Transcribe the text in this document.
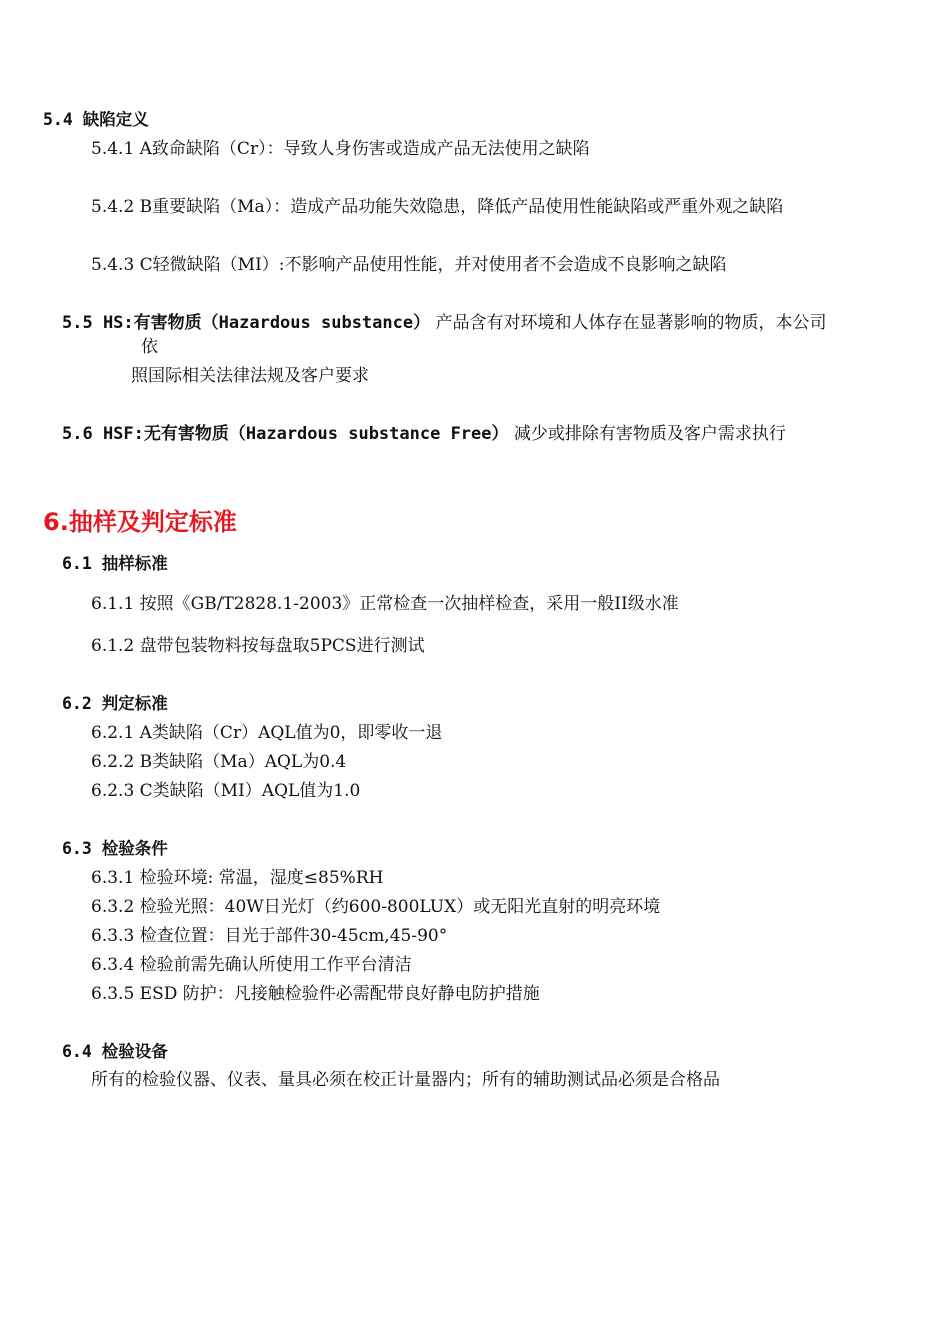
5.4 缺陷定义
5.4.1 A致命缺陷（Cr）：导致人身伤害或造成产品无法使用之缺陷
5.4.2 B重要缺陷（Ma）：造成产品功能失效隐患，降低产品使用性能缺陷或严重外观之缺陷
5.4.3 C轻微缺陷（MI）:不影响产品使用性能，并对使用者不会造成不良影响之缺陷
5.5 HS:有害物质（Hazardous substance） 产品含有对环境和人体存在显著影响的物质，本公司
依
照国际相关法律法规及客户要求
5.6 HSF:无有害物质（Hazardous substance Free） 减少或排除有害物质及客户需求执行
6.抽样及判定标准
6.1 抽样标准
6.1.1 按照《GB/T2828.1-2003》正常检查一次抽样检查，采用一般II级水准
6.1.2 盘带包装物料按每盘取5PCS进行测试
6.2 判定标准
6.2.1 A类缺陷（Cr）AQL值为0，即零收一退
6.2.2 B类缺陷（Ma）AQL为0.4
6.2.3 C类缺陷（MI）AQL值为1.0
6.3 检验条件
6.3.1 检验环境: 常温，湿度≤85%RH
6.3.2 检验光照：40W日光灯（约600-800LUX）或无阳光直射的明亮环境
6.3.3 检查位置：目光于部件30-45cm,45-90°
6.3.4 检验前需先确认所使用工作平台清洁
6.3.5 ESD 防护：凡接触检验件必需配带良好静电防护措施
6.4 检验设备
所有的检验仪器、仪表、量具必须在校正计量器内；所有的辅助测试品必须是合格品
